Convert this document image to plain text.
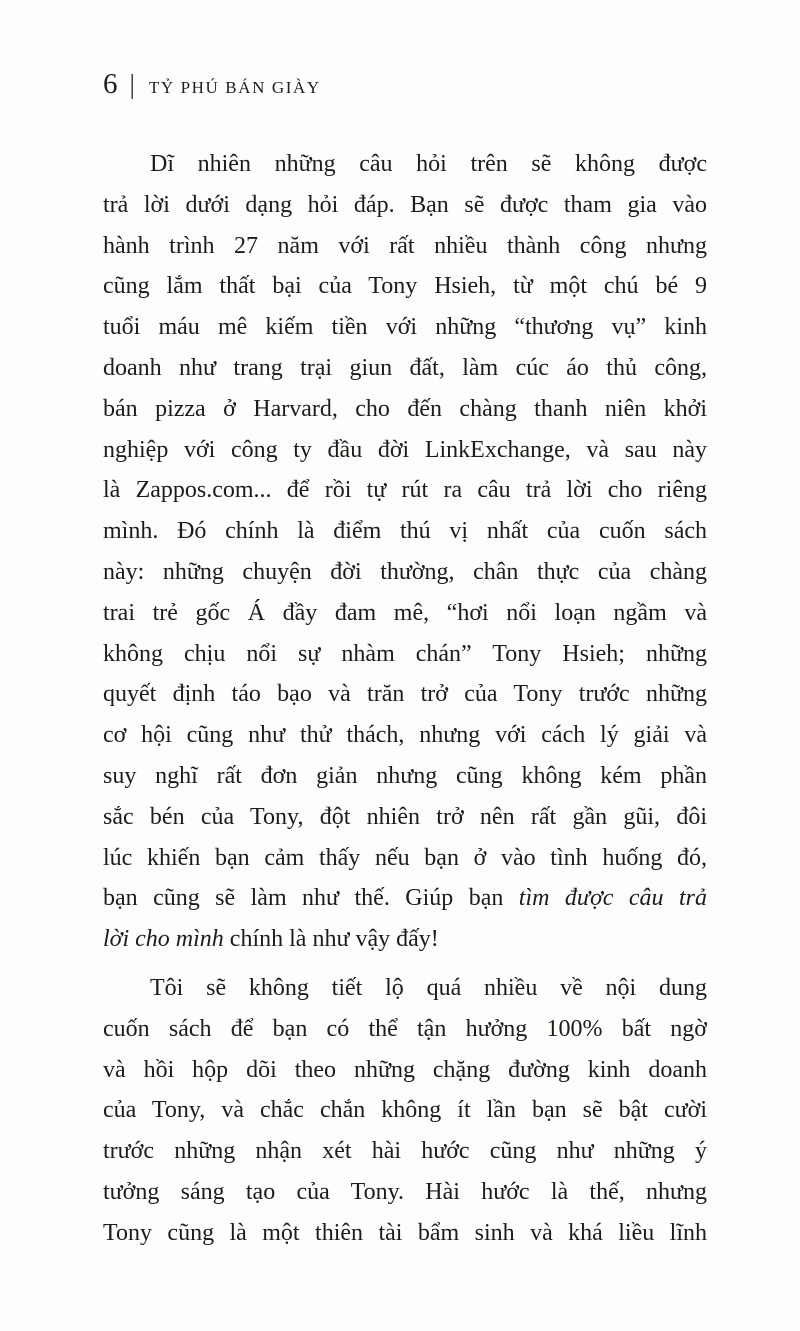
6 | TỶ PHÚ BÁN GIÀY
Dĩ nhiên những câu hỏi trên sẽ không được
trả lời dưới dạng hỏi đáp. Bạn sẽ được tham gia vào
hành trình 27 năm với rất nhiều thành công nhưng
cũng lắm thất bại của Tony Hsieh, từ một chú bé 9
tuổi máu mê kiếm tiền với những “thương vụ” kinh
doanh như trang trại giun đất, làm cúc áo thủ công,
bán pizza ở Harvard, cho đến chàng thanh niên khởi
nghiệp với công ty đầu đời LinkExchange, và sau này
là Zappos.com... để rồi tự rút ra câu trả lời cho riêng
mình. Đó chính là điểm thú vị nhất của cuốn sách
này: những chuyện đời thường, chân thực của chàng
trai trẻ gốc Á đầy đam mê, “hơi nổi loạn ngầm và
không chịu nổi sự nhàm chán” Tony Hsieh; những
quyết định táo bạo và trăn trở của Tony trước những
cơ hội cũng như thử thách, nhưng với cách lý giải và
suy nghĩ rất đơn giản nhưng cũng không kém phần
sắc bén của Tony, đột nhiên trở nên rất gần gũi, đôi
lúc khiến bạn cảm thấy nếu bạn ở vào tình huống đó,
bạn cũng sẽ làm như thế. Giúp bạn tìm được câu trả
lời cho mình chính là như vậy đấy!
Tôi sẽ không tiết lộ quá nhiều về nội dung
cuốn sách để bạn có thể tận hưởng 100% bất ngờ
và hồi hộp dõi theo những chặng đường kinh doanh
của Tony, và chắc chắn không ít lần bạn sẽ bật cười
trước những nhận xét hài hước cũng như những ý
tưởng sáng tạo của Tony. Hài hước là thế, nhưng
Tony cũng là một thiên tài bẩm sinh và khá liều lĩnh
